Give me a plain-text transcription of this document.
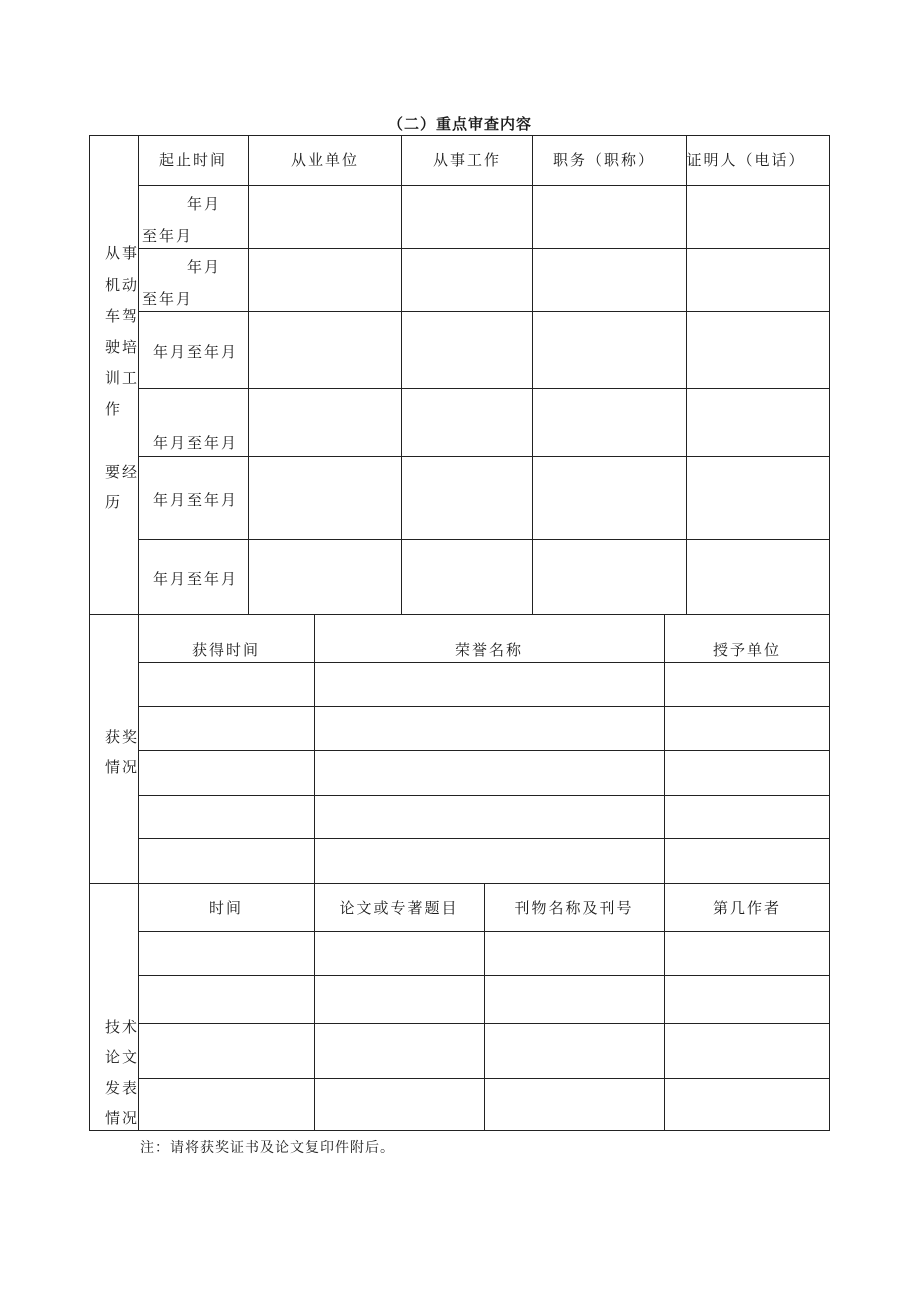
（二）重点审查内容
从事
机动
车驾
驶培
训工
作
要经
历
起止时间	从业单位	从事工作	职务（职称） 证明人（电话）
年月
至年月
年月
至年月
年月至年月
年月至年月
年月至年月
年月至年月
获奖
情况
获得时间	荣誉名称	授予单位
技术
论文
发表
情况
时间	论文或专著题目	刊物名称及刊号	第几作者
注：请将获奖证书及论文复印件附后。
